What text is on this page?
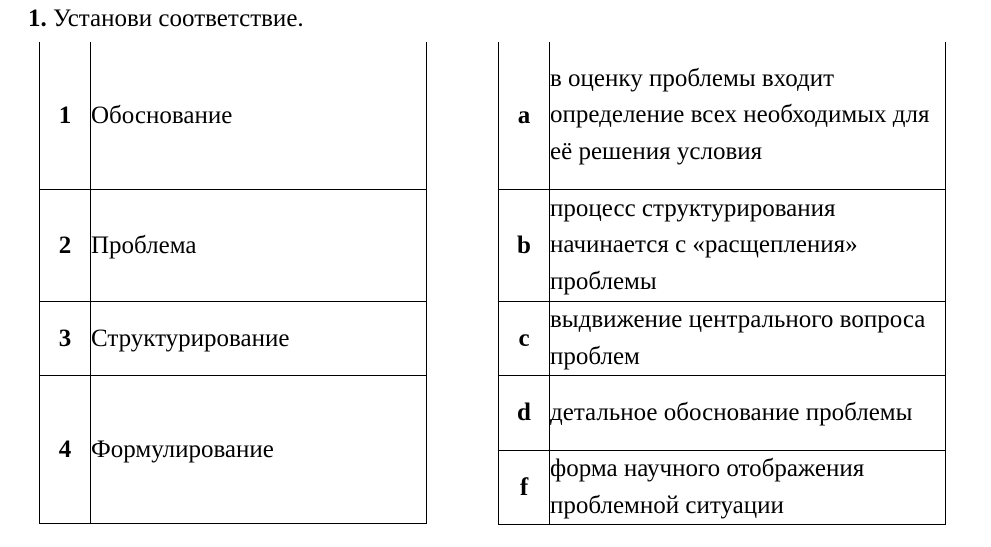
1. Установи соответствие.
1	Обоснование
2	Проблема
3	Структурирование
4	Формулирование
a	в оценку проблемы входит определение всех необходимых для её решения условия
b	процесс структурирования начинается с «расщепления» проблемы
c	выдвижение центрального вопроса проблем
d	детальное обоснование проблемы
f	форма научного отображения проблемной ситуации
